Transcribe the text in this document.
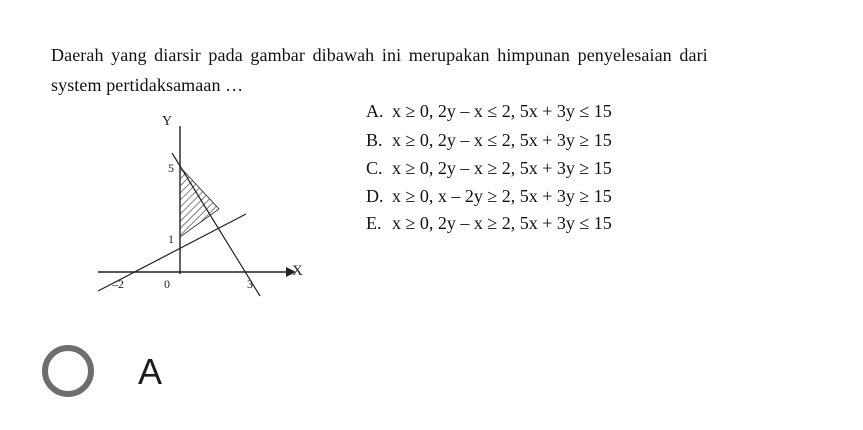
Daerah yang diarsir pada gambar dibawah ini merupakan himpunan penyelesaian dari
system pertidaksamaan …
A. x ≥ 0, 2y – x ≤ 2, 5x + 3y ≤ 15
B. x ≥ 0, 2y – x ≤ 2, 5x + 3y ≥ 15
C. x ≥ 0, 2y – x ≥ 2, 5x + 3y ≥ 15
D. x ≥ 0, x – 2y ≥ 2, 5x + 3y ≥ 15
E. x ≥ 0, 2y – x ≥ 2, 5x + 3y ≤ 15
Y
X
5
1
–2	0	3
A
